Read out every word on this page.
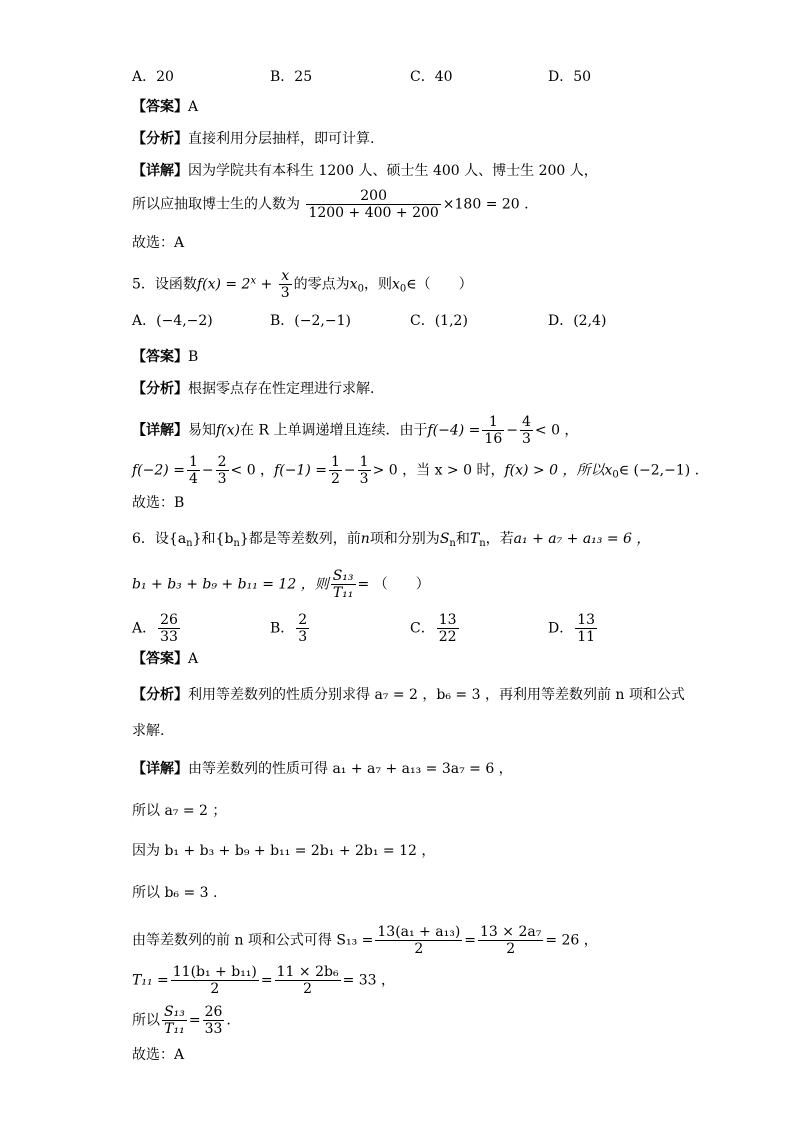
A．20	B．25	C．40	D．50
【答案】A
【分析】直接利用分层抽样，即可计算.
【详解】因为学院共有本科生 1200 人、硕士生 400 人、博士生 200 人，
所以应抽取博士生的人数为 $\frac{200}{1200 + 400 + 200} \times 180 = 20$ .
故选：A
5．设函数$f(x) = 2^x + \frac{x}{3}$ 的零点为$x_0$，则$x_0\in$（　　）
A．(−4,−2)	B．(−2,−1)	C．(1,2)	D．(2,4)
【答案】B
【分析】根据零点存在性定理进行求解.
【详解】易知f(x)在 R 上单调递增且连续．由于$f(-4) = \frac{1}{16} - \frac{4}{3} < 0$ ，
$f(-2) = \frac{1}{4} - \frac{2}{3} < 0$ ，$f(-1) = \frac{1}{2} - \frac{1}{3} > 0$ ，当 x > 0 时，f(x) > 0 ，所以$x_0\in$ (−2,−1) .
故选：B
6．设$\{a_n\}$和$\{b_n\}$都是等差数列，前n项和分别为$S_n$和$T_n$，若a₁ + a₇ + a₁₃ = 6 ，
b₁ + b₃ + b₉ + b₁₁ = 12 ，则 $\frac{\text{S₁₃}}{\text{T₁₁}}$ = （　　）
A． $\frac{26}{33}$	B． $\frac{2}{3}$	C． $\frac{13}{22}$	D． $\frac{13}{11}$
【答案】A
【分析】利用等差数列的性质分别求得 a₇ = 2 ，b₆ = 3 ，再利用等差数列前 n 项和公式
求解.
【详解】由等差数列的性质可得 a₁ + a₇ + a₁₃ = 3a₇ = 6 ，
所以 a₇ = 2 ；
因为 b₁ + b₃ + b₉ + b₁₁ = 2b₁ + 2b₁ = 12 ，
所以 b₆ = 3 .
由等差数列的前 n 项和公式可得 $S_{13} = \frac{\text{13(a₁ + a₁₃)}}{2} = \frac{\text{13 × 2a₇}}{2} = 26$ ，
$T_{11} = \frac{\text{11(b₁ + b₁₁)}}{2} = \frac{\text{11 × 2b₆}}{2} = 33$ ，
所以 $\frac{\text{S₁₃}}{\text{T₁₁}} = \frac{26}{33}$ .
故选：A
